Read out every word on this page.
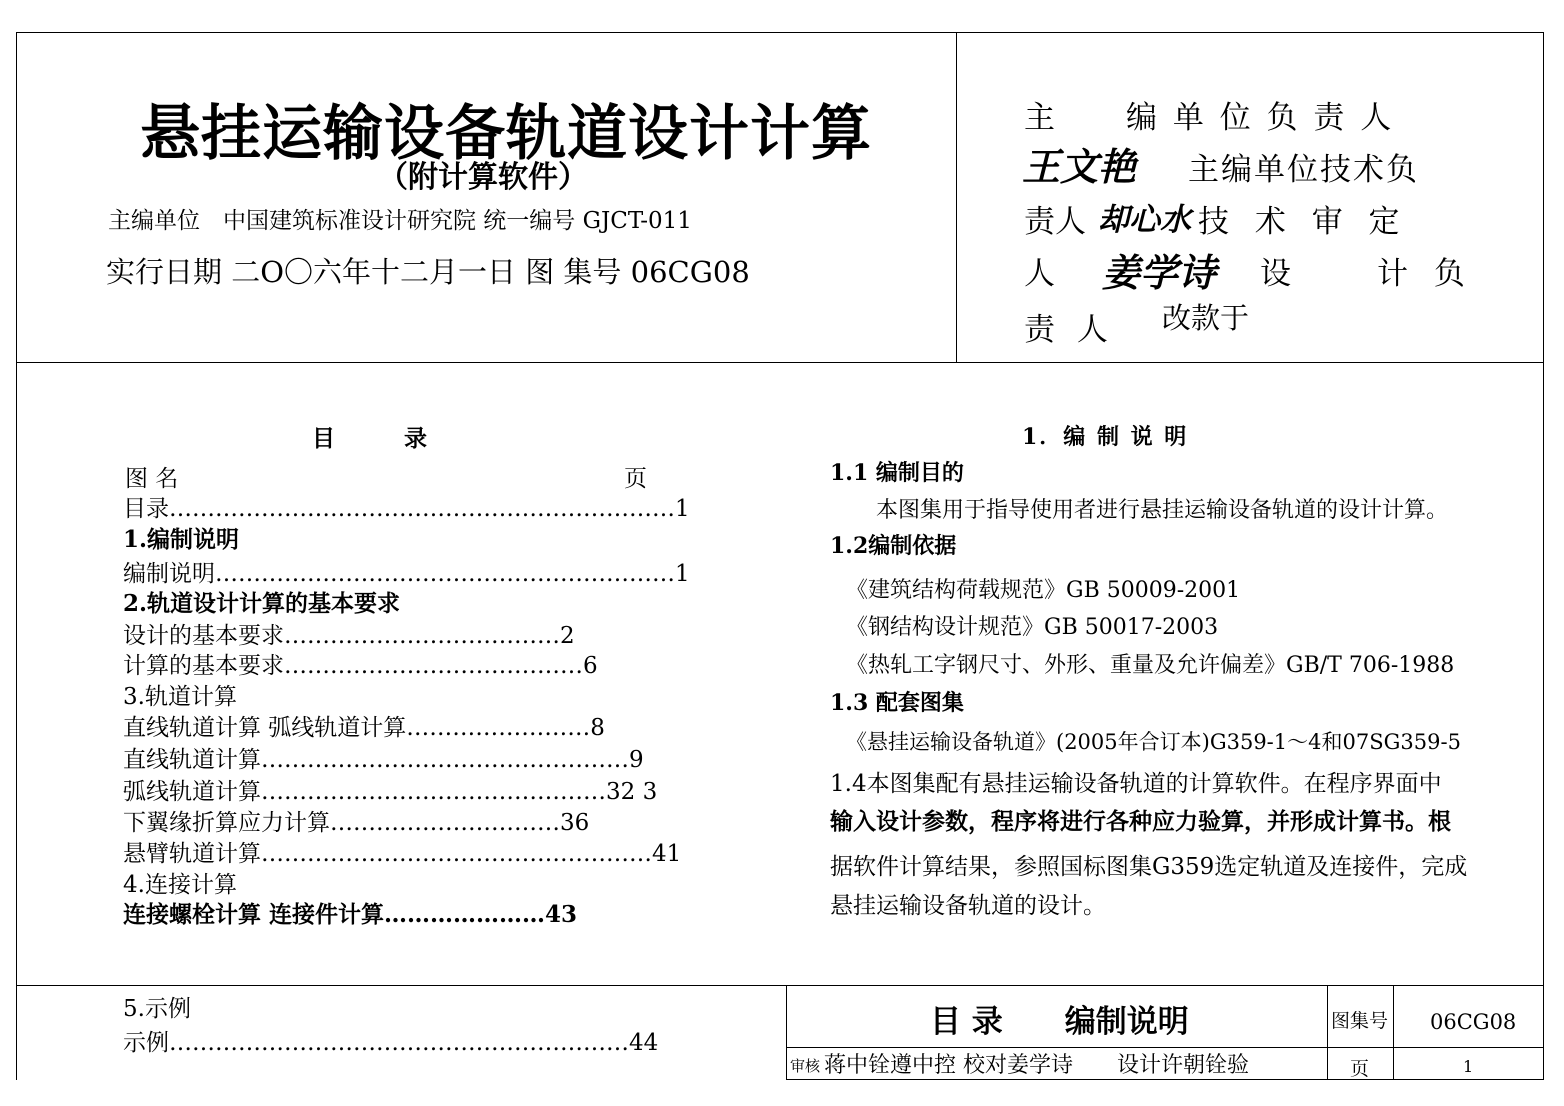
悬挂运输设备轨道设计计算
（附计算软件）
主编单位　中国建筑标准设计研究院 统一编号 GJCT-011
实行日期 二O〇六年十二月一日 图 集号 06CG08
主　　编 单 位 负 责 人
王文艳 主编单位技术负
责人 却心水 技 术 审 定
人 姜学诗 设　　计 负
责 人 改款于
目　　　录
图 名	页
目录…………………………………………………………1
1.编制说明
编制说明……………………………………………………1
2.轨道设计计算的基本要求
设计的基本要求………………………………2
计算的基本要求…………………………………6
3.轨道计算
直线轨道计算 弧线轨道计算……………………8
直线轨道计算…………………………………………9
弧线轨道计算………………………………………32 3
下翼缘折算应力计算…………………………36
悬臂轨道计算……………………………………………41
4.连接计算
连接螺栓计算 连接件计算…………………43
5.示例
示例……………………………………………………44
1．编 制 说 明
1.1 编制目的
本图集用于指导使用者进行悬挂运输设备轨道的设计计算。
1.2编制依据
《建筑结构荷载规范》GB 50009-2001
《钢结构设计规范》GB 50017-2003
《热轧工字钢尺寸、外形、重量及允许偏差》GB/T 706-1988
1.3 配套图集
《悬挂运输设备轨道》(2005年合订本)G359-1～4和07SG359-5
1.4本图集配有悬挂运输设备轨道的计算软件。在程序界面中
输入设计参数，程序将进行各种应力验算，并形成计算书。根
据软件计算结果，参照国标图集G359选定轨道及连接件，完成
悬挂运输设备轨道的设计。
目 录　　编制说明	图集号 06CG08
审核 蒋中铨遵中控 校对姜学诗　　设计许朝铨验	页	1
